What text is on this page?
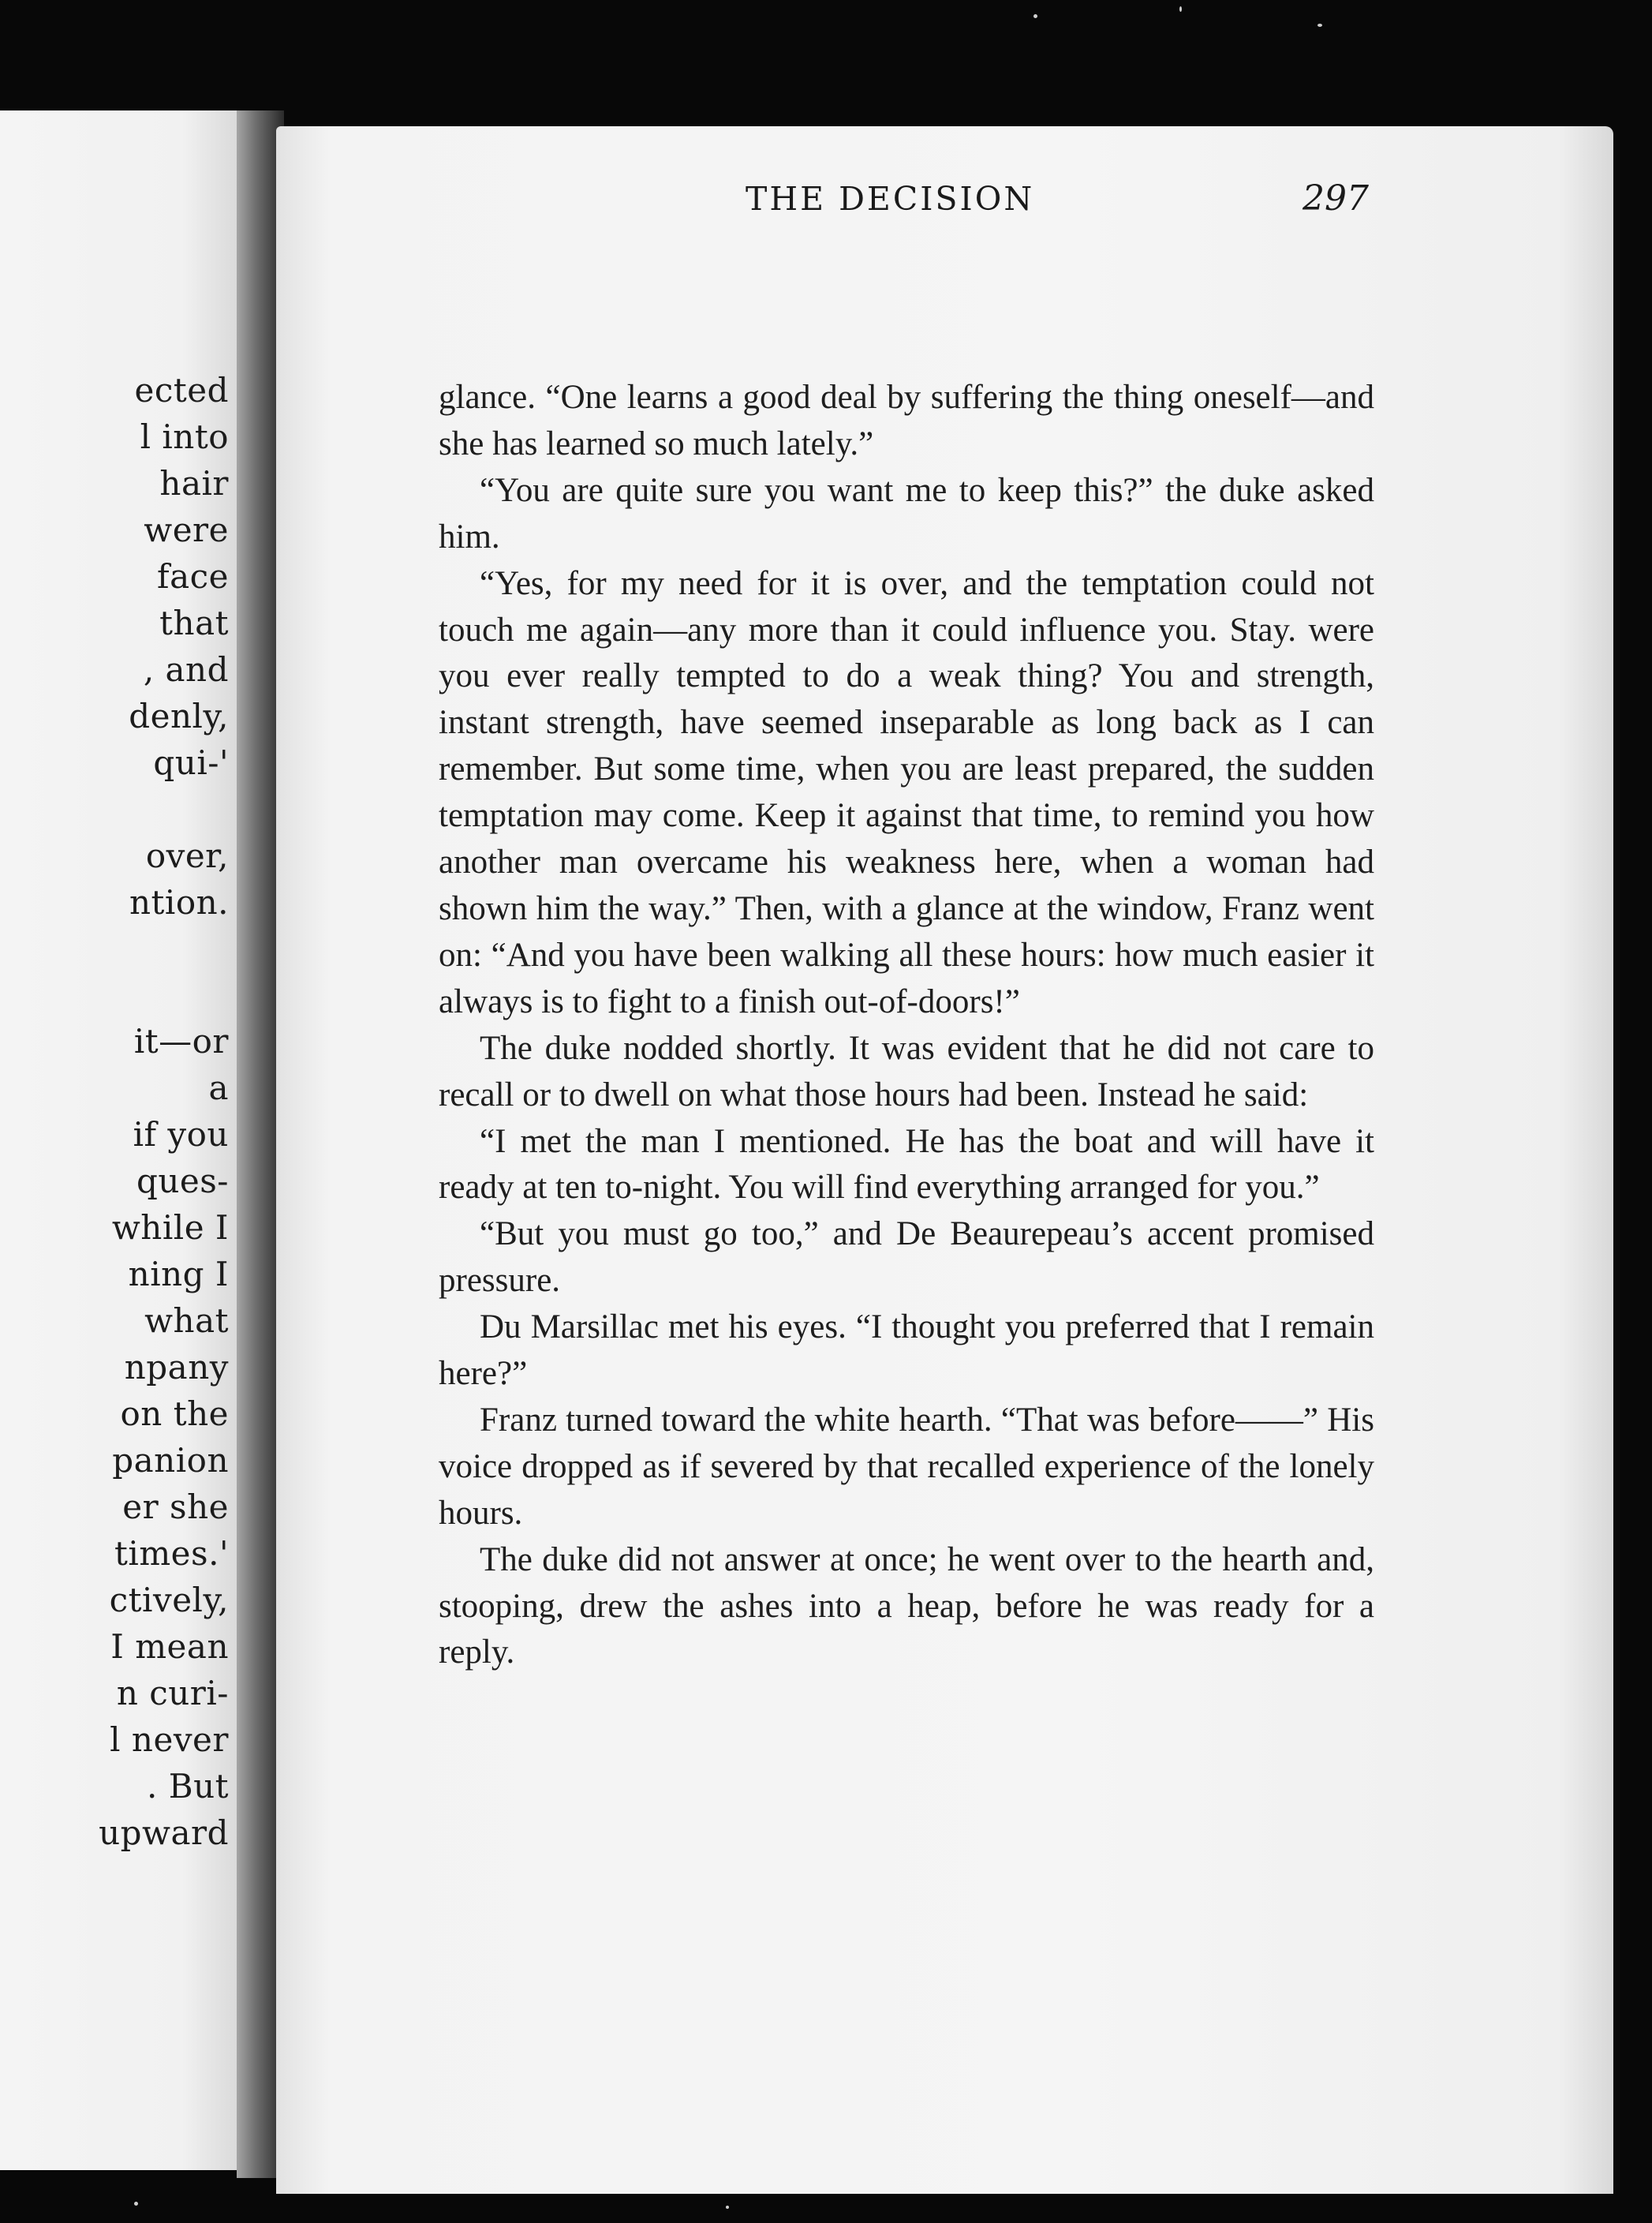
ected
l into
hair
were
face
that
, and
denly,
qui-'
over,
ntion.
it—or
a
if you
ques-
while I
ning I
what
npany
on the
panion
er she
times.'
ctively,
I mean
n curi-
l never
. But
upward
THE DECISION	297

glance. “One learns a good deal by suffering the thing oneself—and she has learned so much lately.”

“You are quite sure you want me to keep this?” the duke asked him.

“Yes, for my need for it is over, and the temptation could not touch me again—any more than it could influence you. Stay. were you ever really tempted to do a weak thing? You and strength, instant strength, have seemed inseparable as long back as I can remember. But some time, when you are least prepared, the sudden temptation may come. Keep it against that time, to remind you how another man overcame his weakness here, when a woman had shown him the way.” Then, with a glance at the window, Franz went on: “And you have been walking all these hours: how much easier it always is to fight to a finish out-of-doors!”

The duke nodded shortly. It was evident that he did not care to recall or to dwell on what those hours had been. Instead he said:

“I met the man I mentioned. He has the boat and will have it ready at ten to-night. You will find everything arranged for you.”

“But you must go too,” and De Beaurepeau’s accent promised pressure.

Du Marsillac met his eyes. “I thought you preferred that I remain here?”

Franz turned toward the white hearth. “That was before——” His voice dropped as if severed by that recalled experience of the lonely hours.

The duke did not answer at once; he went over to the hearth and, stooping, drew the ashes into a heap, before he was ready for a reply.
